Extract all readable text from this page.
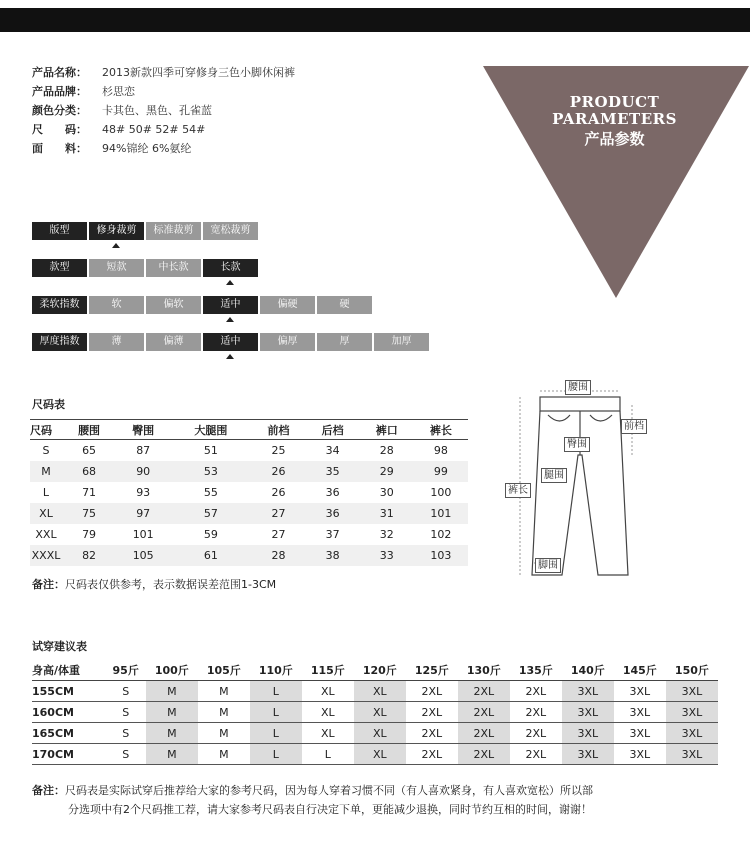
产品名称：	2013新款四季可穿修身三色小脚休闲裤
产品品牌：	杉思恋
颜色分类：	卡其色、黑色、孔雀蓝
尺　　码：	48# 50# 52# 54#
面　　料：	94%锦纶 6%氨纶
PRODUCT
PARAMETERS
产品参数
版型	修身裁剪	标准裁剪	宽松裁剪
款型	短款	中长款	长款
柔软指数	软	偏软	适中	偏硬	硬
厚度指数	薄	偏薄	适中	偏厚	厚	加厚
尺码表
尺码	腰围	臀围	大腿围	前档	后档	裤口	裤长
S	65	87	51	25	34	28	98
M	68	90	53	26	35	29	99
L	71	93	55	26	36	30	100
XL	75	97	57	27	36	31	101
XXL	79	101	59	27	37	32	102
XXXL	82	105	61	28	38	33	103
备注：尺码表仅供参考，表示数据误差范围1-3CM
腰围
前档
臀围
腿围
裤长
脚围
试穿建议表
身高/体重	95斤	100斤	105斤	110斤	115斤	120斤	125斤	130斤	135斤	140斤	145斤	150斤
155CM	S	M	M	L	XL	XL	2XL	2XL	2XL	3XL	3XL	3XL
160CM	S	M	M	L	XL	XL	2XL	2XL	2XL	3XL	3XL	3XL
165CM	S	M	M	L	XL	XL	2XL	2XL	2XL	3XL	3XL	3XL
170CM	S	M	M	L	L	XL	2XL	2XL	2XL	3XL	3XL	3XL
备注：尺码表是实际试穿后推荐给大家的参考尺码，因为每人穿着习惯不同（有人喜欢紧身，有人喜欢宽松）所以部
分选项中有2个尺码推工荐，请大家参考尺码表自行决定下单，更能减少退换，同时节约互相的时间，谢谢！
